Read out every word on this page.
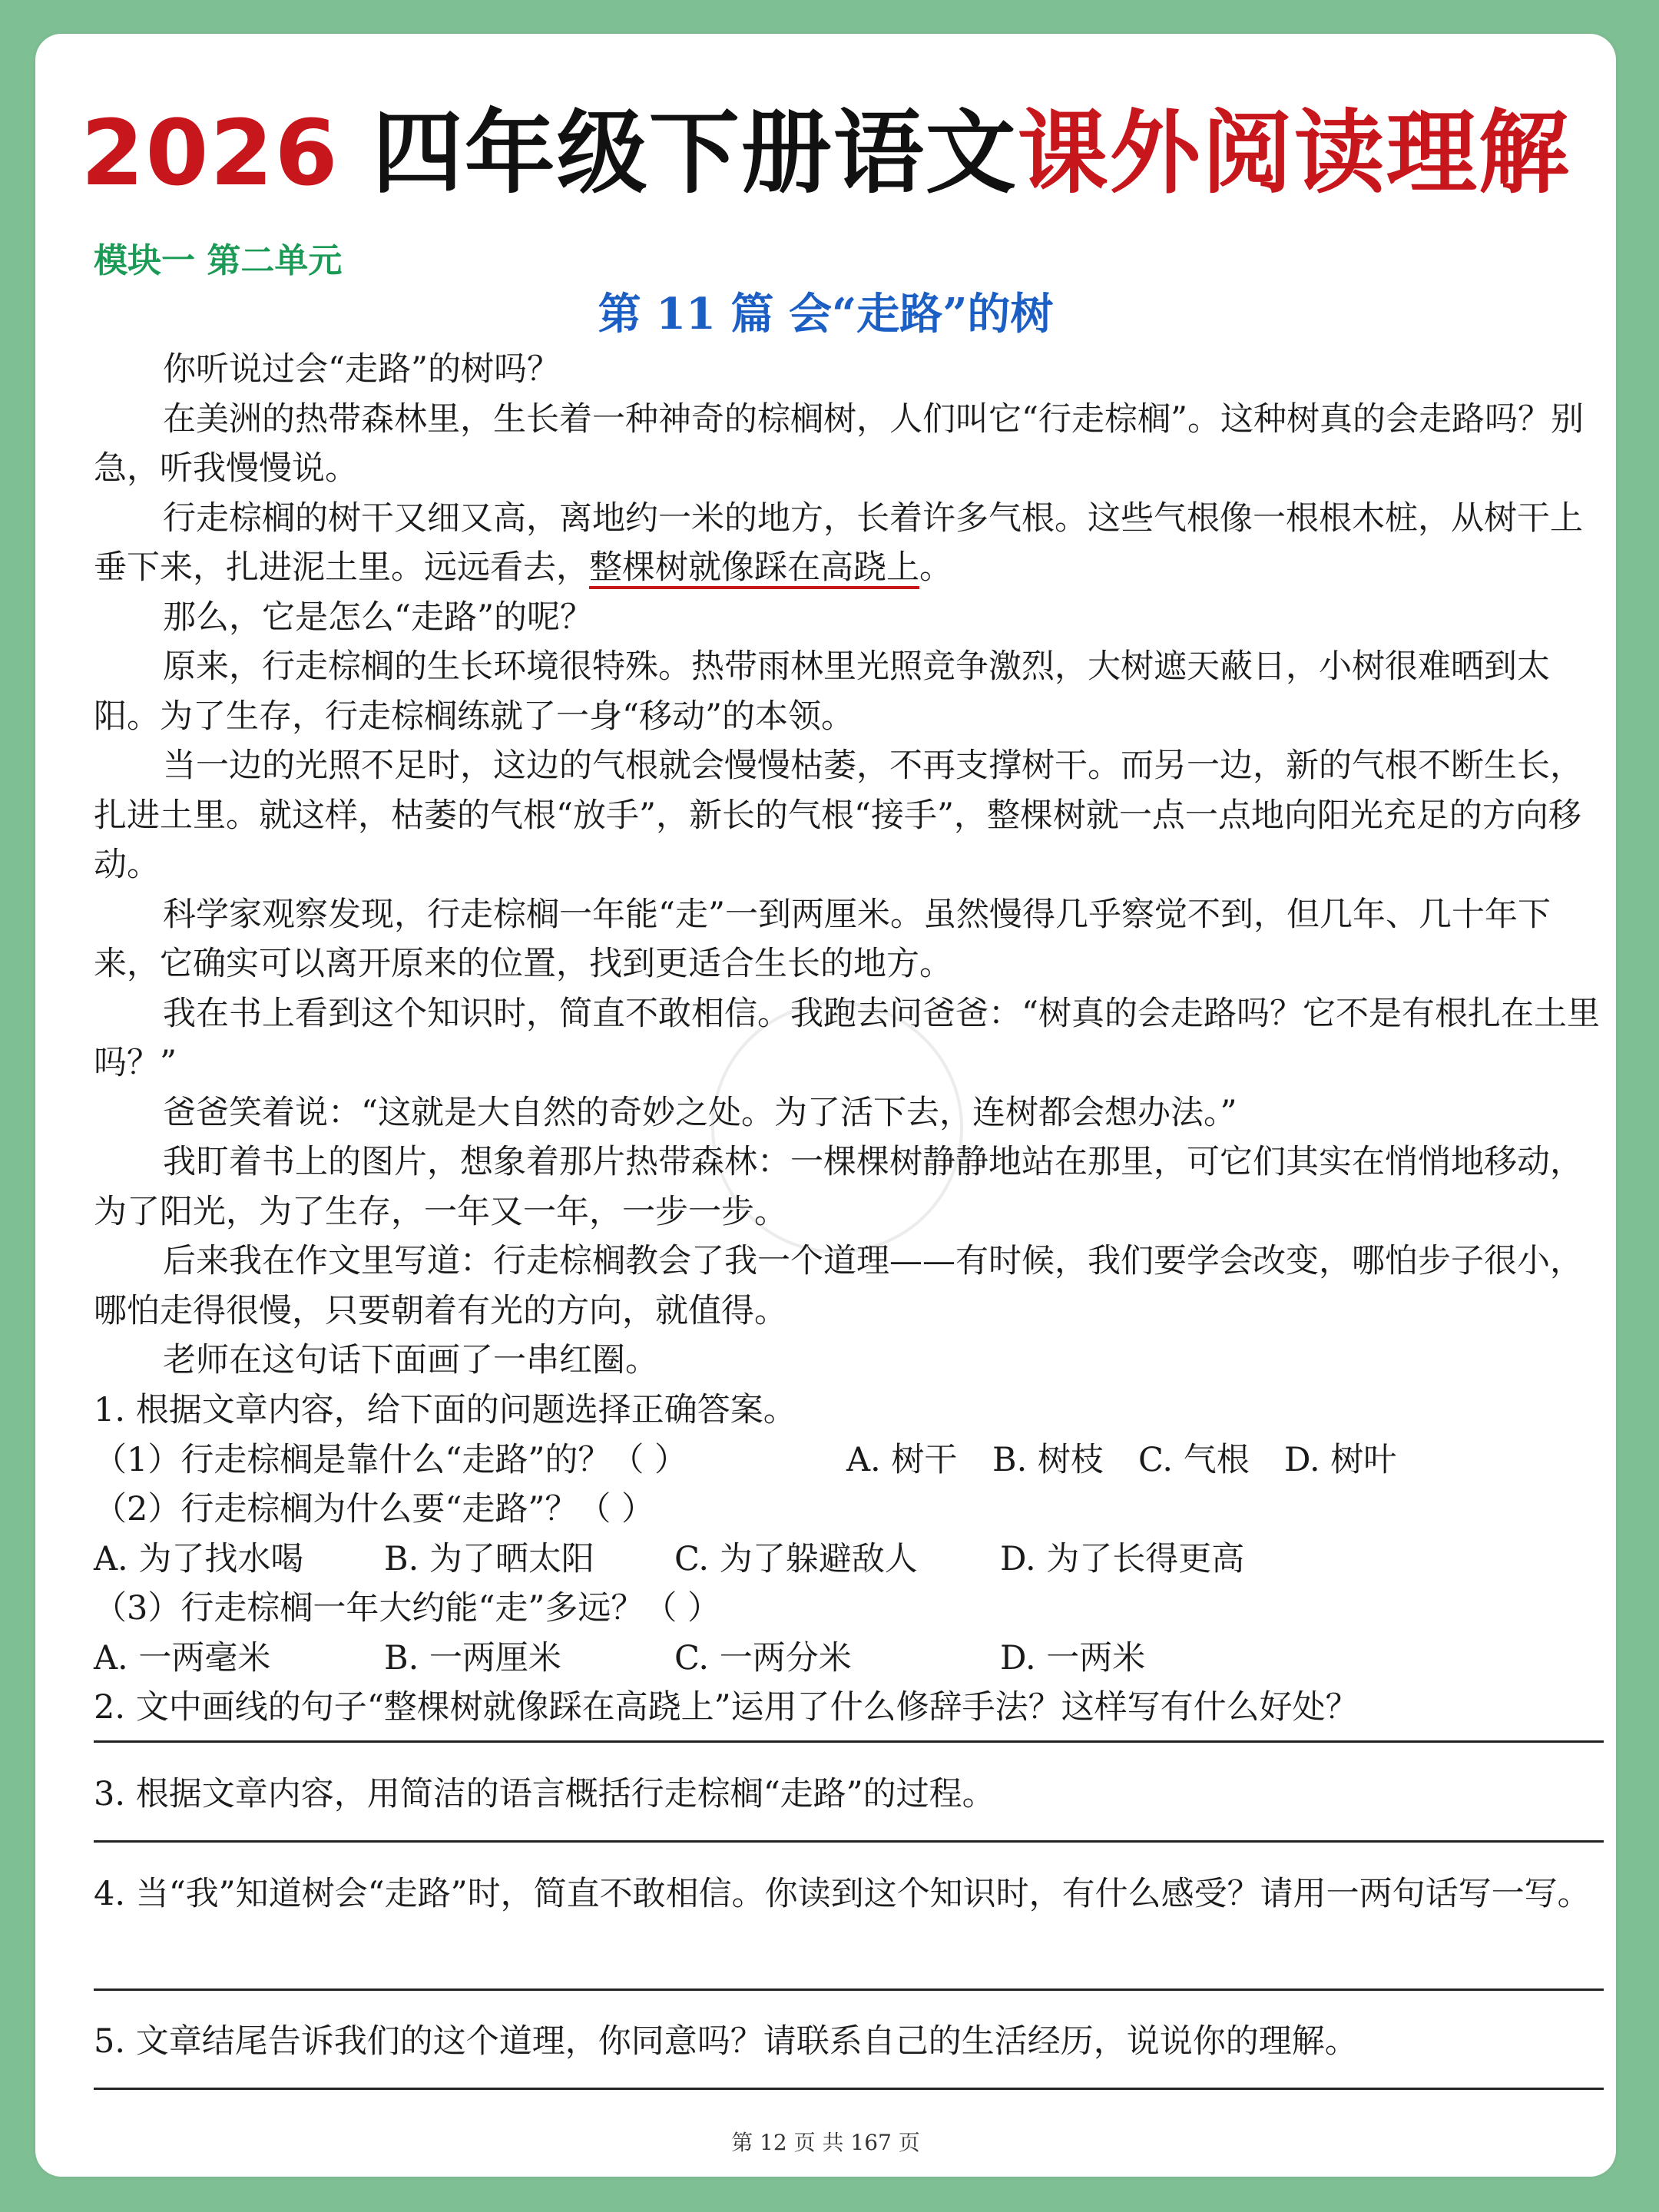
2026 四年级下册语文课外阅读理解
模块一 第二单元
第 11 篇 会“走路”的树

你听说过会“走路”的树吗？

在美洲的热带森林里，生长着一种神奇的棕榈树，人们叫它“行走棕榈”。这种树真的会走路吗？别急，听我慢慢说。

行走棕榈的树干又细又高，离地约一米的地方，长着许多气根。这些气根像一根根木桩，从树干上垂下来，扎进泥土里。远远看去，整棵树就像踩在高跷上。

那么，它是怎么“走路”的呢？

原来，行走棕榈的生长环境很特殊。热带雨林里光照竞争激烈，大树遮天蔽日，小树很难晒到太阳。为了生存，行走棕榈练就了一身“移动”的本领。

当一边的光照不足时，这边的气根就会慢慢枯萎，不再支撑树干。而另一边，新的气根不断生长，扎进土里。就这样，枯萎的气根“放手”，新长的气根“接手”，整棵树就一点一点地向阳光充足的方向移动。

科学家观察发现，行走棕榈一年能“走”一到两厘米。虽然慢得几乎察觉不到，但几年、几十年下来，它确实可以离开原来的位置，找到更适合生长的地方。

我在书上看到这个知识时，简直不敢相信。我跑去问爸爸：“树真的会走路吗？它不是有根扎在土里吗？”

爸爸笑着说：“这就是大自然的奇妙之处。为了活下去，连树都会想办法。”

我盯着书上的图片，想象着那片热带森林：一棵棵树静静地站在那里，可它们其实在悄悄地移动，为了阳光，为了生存，一年又一年，一步一步。

后来我在作文里写道：行走棕榈教会了我一个道理——有时候，我们要学会改变，哪怕步子很小，哪怕走得很慢，只要朝着有光的方向，就值得。

老师在这句话下面画了一串红圈。

1. 根据文章内容，给下面的问题选择正确答案。

（1）行走棕榈是靠什么“走路”的？（ ）	A. 树干	B. 树枝	C. 气根	D. 树叶

（2）行走棕榈为什么要“走路”？（ ）

A. 为了找水喝	B. 为了晒太阳	C. 为了躲避敌人	D. 为了长得更高

（3）行走棕榈一年大约能“走”多远？（ ）

A. 一两毫米	B. 一两厘米	C. 一两分米	D. 一两米

2. 文中画线的句子“整棵树就像踩在高跷上”运用了什么修辞手法？这样写有什么好处？

3. 根据文章内容，用简洁的语言概括行走棕榈“走路”的过程。

4. 当“我”知道树会“走路”时，简直不敢相信。你读到这个知识时，有什么感受？请用一两句话写一写。

5. 文章结尾告诉我们的这个道理，你同意吗？请联系自己的生活经历，说说你的理解。

第 12 页 共 167 页
